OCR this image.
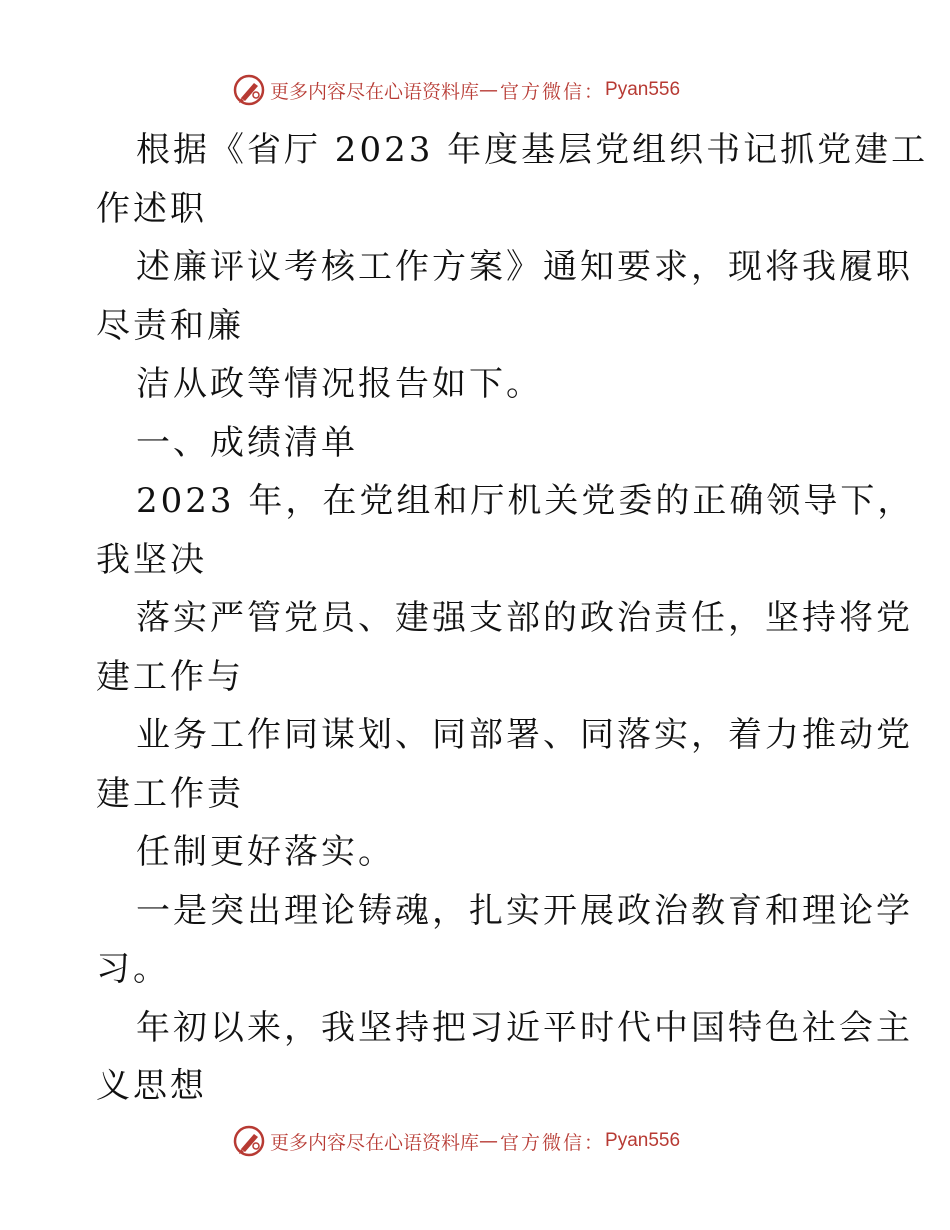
更多内容尽在心语资料库 — 官方微信： Pyan556
根据《省厅 2023 年度基层党组织书记抓党建工
作述职
述廉评议考核工作方案》通知要求，现将我履职
尽责和廉
洁从政等情况报告如下。
一、成绩清单
2023 年，在党组和厅机关党委的正确领导下，
我坚决
落实严管党员、建强支部的政治责任，坚持将党
建工作与
业务工作同谋划、同部署、同落实，着力推动党
建工作责
任制更好落实。
一是突出理论铸魂，扎实开展政治教育和理论学
习。
年初以来，我坚持把习近平时代中国特色社会主
义思想
更多内容尽在心语资料库 — 官方微信： Pyan556
